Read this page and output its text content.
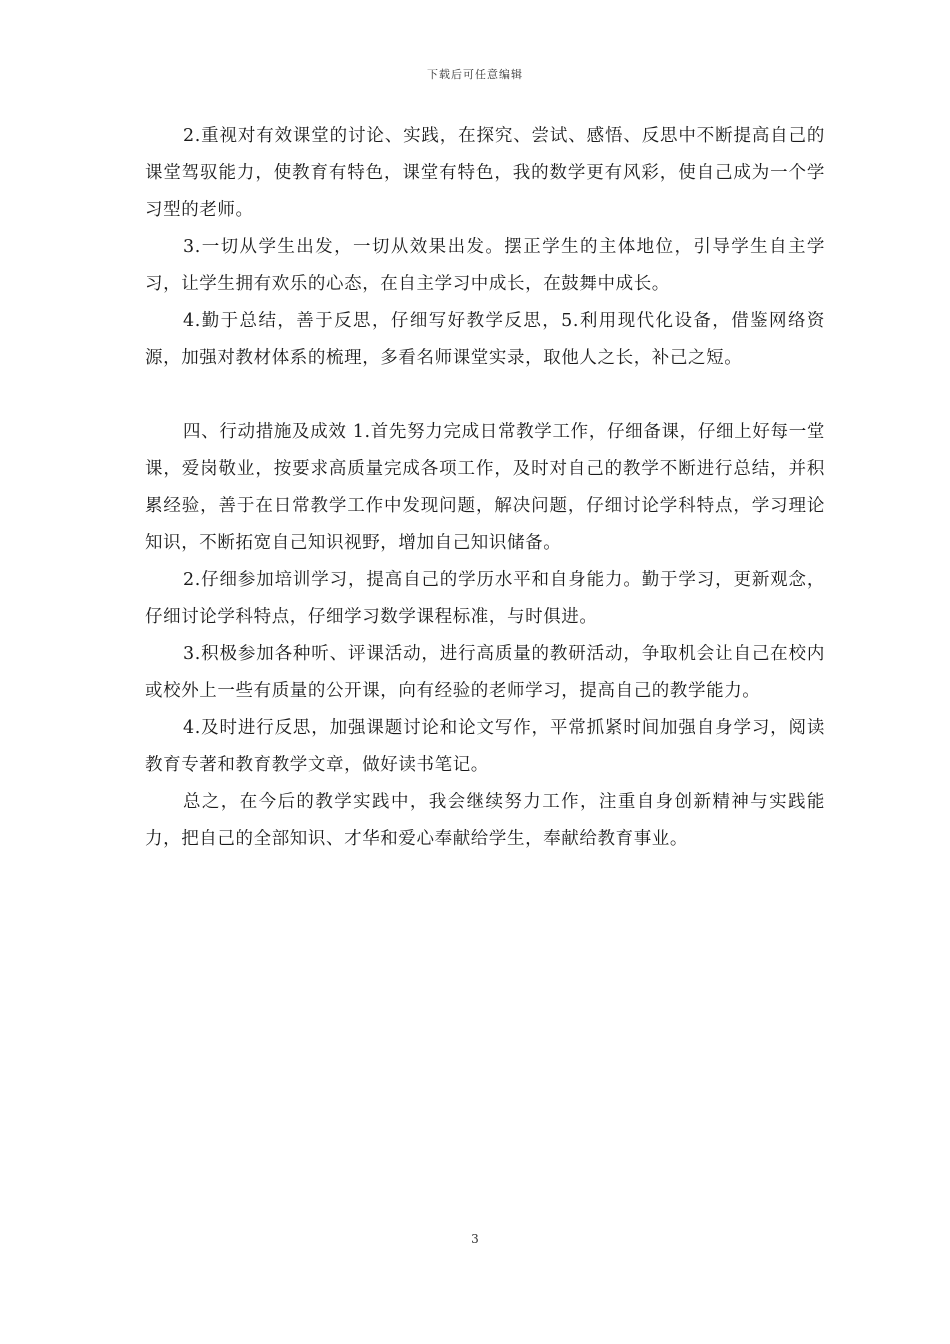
下载后可任意编辑

2.重视对有效课堂的讨论、实践，在探究、尝试、感悟、反思中不断提高自己的课堂驾驭能力，使教育有特色，课堂有特色，我的数学更有风彩，使自己成为一个学习型的老师。

3.一切从学生出发，一切从效果出发。摆正学生的主体地位，引导学生自主学习，让学生拥有欢乐的心态，在自主学习中成长，在鼓舞中成长。

4.勤于总结，善于反思，仔细写好教学反思，5.利用现代化设备，借鉴网络资源，加强对教材体系的梳理，多看名师课堂实录，取他人之长，补己之短。

四、行动措施及成效 1.首先努力完成日常教学工作，仔细备课，仔细上好每一堂课，爱岗敬业，按要求高质量完成各项工作，及时对自己的教学不断进行总结，并积累经验，善于在日常教学工作中发现问题，解决问题，仔细讨论学科特点，学习理论知识，不断拓宽自己知识视野，增加自己知识储备。

2.仔细参加培训学习，提高自己的学历水平和自身能力。勤于学习，更新观念，仔细讨论学科特点，仔细学习数学课程标准，与时俱进。

3.积极参加各种听、评课活动，进行高质量的教研活动，争取机会让自己在校内或校外上一些有质量的公开课，向有经验的老师学习，提高自己的教学能力。

4.及时进行反思，加强课题讨论和论文写作，平常抓紧时间加强自身学习，阅读教育专著和教育教学文章，做好读书笔记。

总之，在今后的教学实践中，我会继续努力工作，注重自身创新精神与实践能力，把自己的全部知识、才华和爱心奉献给学生，奉献给教育事业。

3
